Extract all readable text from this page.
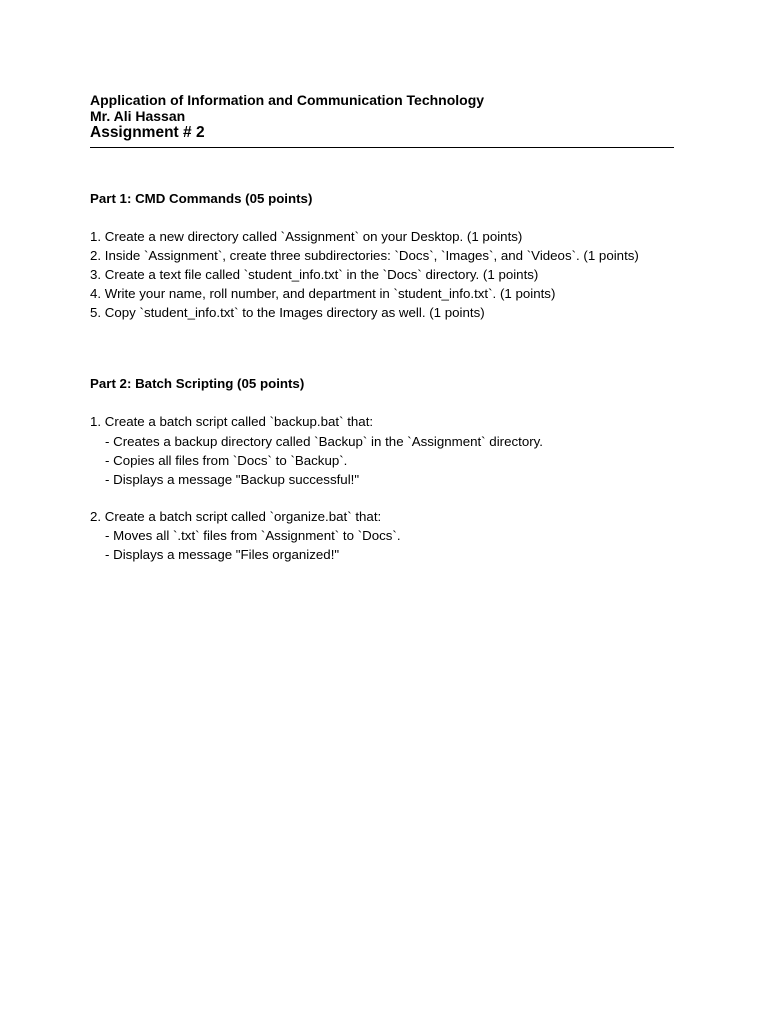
Application of Information and Communication Technology
Mr. Ali Hassan
Assignment # 2
Part 1: CMD Commands (05 points)
1. Create a new directory called `Assignment` on your Desktop. (1 points)
2. Inside `Assignment`, create three subdirectories: `Docs`, `Images`, and `Videos`. (1 points)
3. Create a text file called `student_info.txt` in the `Docs` directory. (1 points)
4. Write your name, roll number, and department in `student_info.txt`. (1 points)
5. Copy `student_info.txt` to the Images directory as well. (1 points)
Part 2: Batch Scripting (05 points)
1. Create a batch script called `backup.bat` that:
- Creates a backup directory called `Backup` in the `Assignment` directory.
- Copies all files from `Docs` to `Backup`.
- Displays a message "Backup successful!"
2. Create a batch script called `organize.bat` that:
- Moves all `.txt` files from `Assignment` to `Docs`.
- Displays a message "Files organized!"
